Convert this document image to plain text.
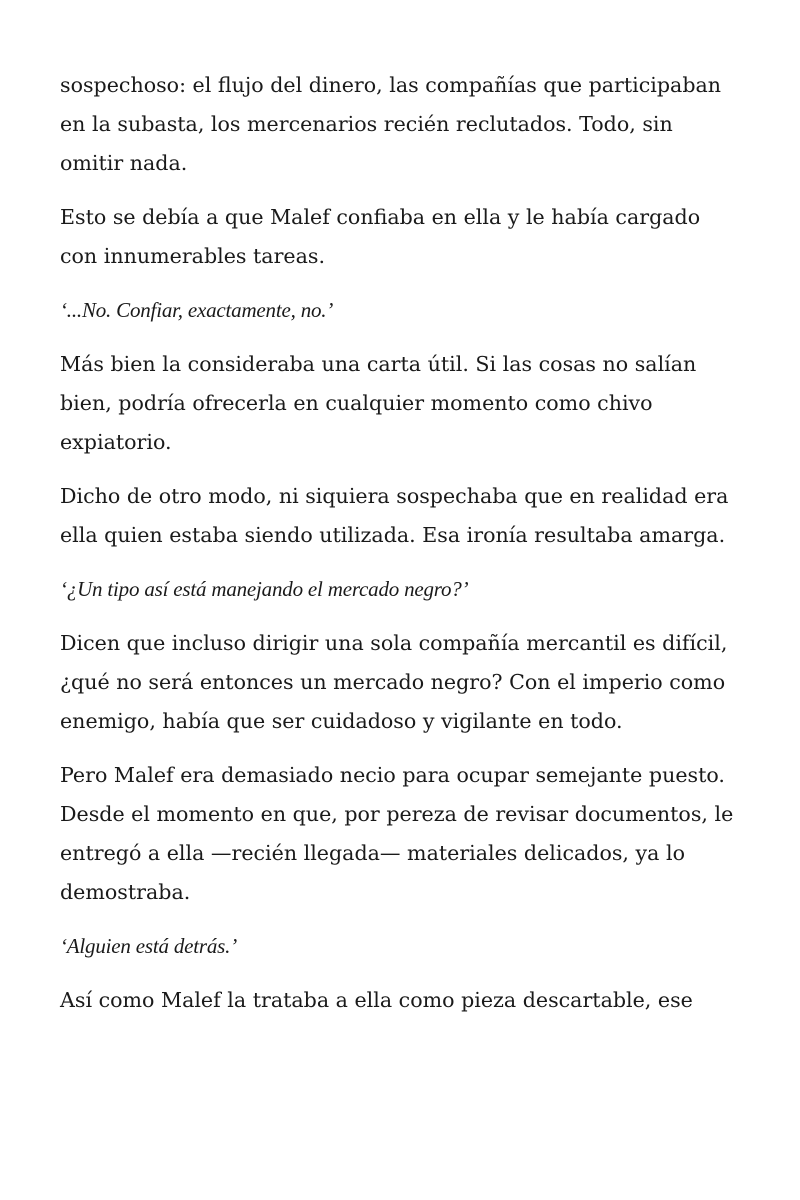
sospechoso: el flujo del dinero, las compañías que participaban en la subasta, los mercenarios recién reclutados. Todo, sin omitir nada.

Esto se debía a que Malef confiaba en ella y le había cargado con innumerables tareas.

‘...No. Confiar, exactamente, no.’

Más bien la consideraba una carta útil. Si las cosas no salían bien, podría ofrecerla en cualquier momento como chivo expiatorio.

Dicho de otro modo, ni siquiera sospechaba que en realidad era ella quien estaba siendo utilizada. Esa ironía resultaba amarga.

‘¿Un tipo así está manejando el mercado negro?’

Dicen que incluso dirigir una sola compañía mercantil es difícil, ¿qué no será entonces un mercado negro? Con el imperio como enemigo, había que ser cuidadoso y vigilante en todo.

Pero Malef era demasiado necio para ocupar semejante puesto. Desde el momento en que, por pereza de revisar documentos, le entregó a ella —recién llegada— materiales delicados, ya lo demostraba.

‘Alguien está detrás.’

Así como Malef la trataba a ella como pieza descartable, ese
